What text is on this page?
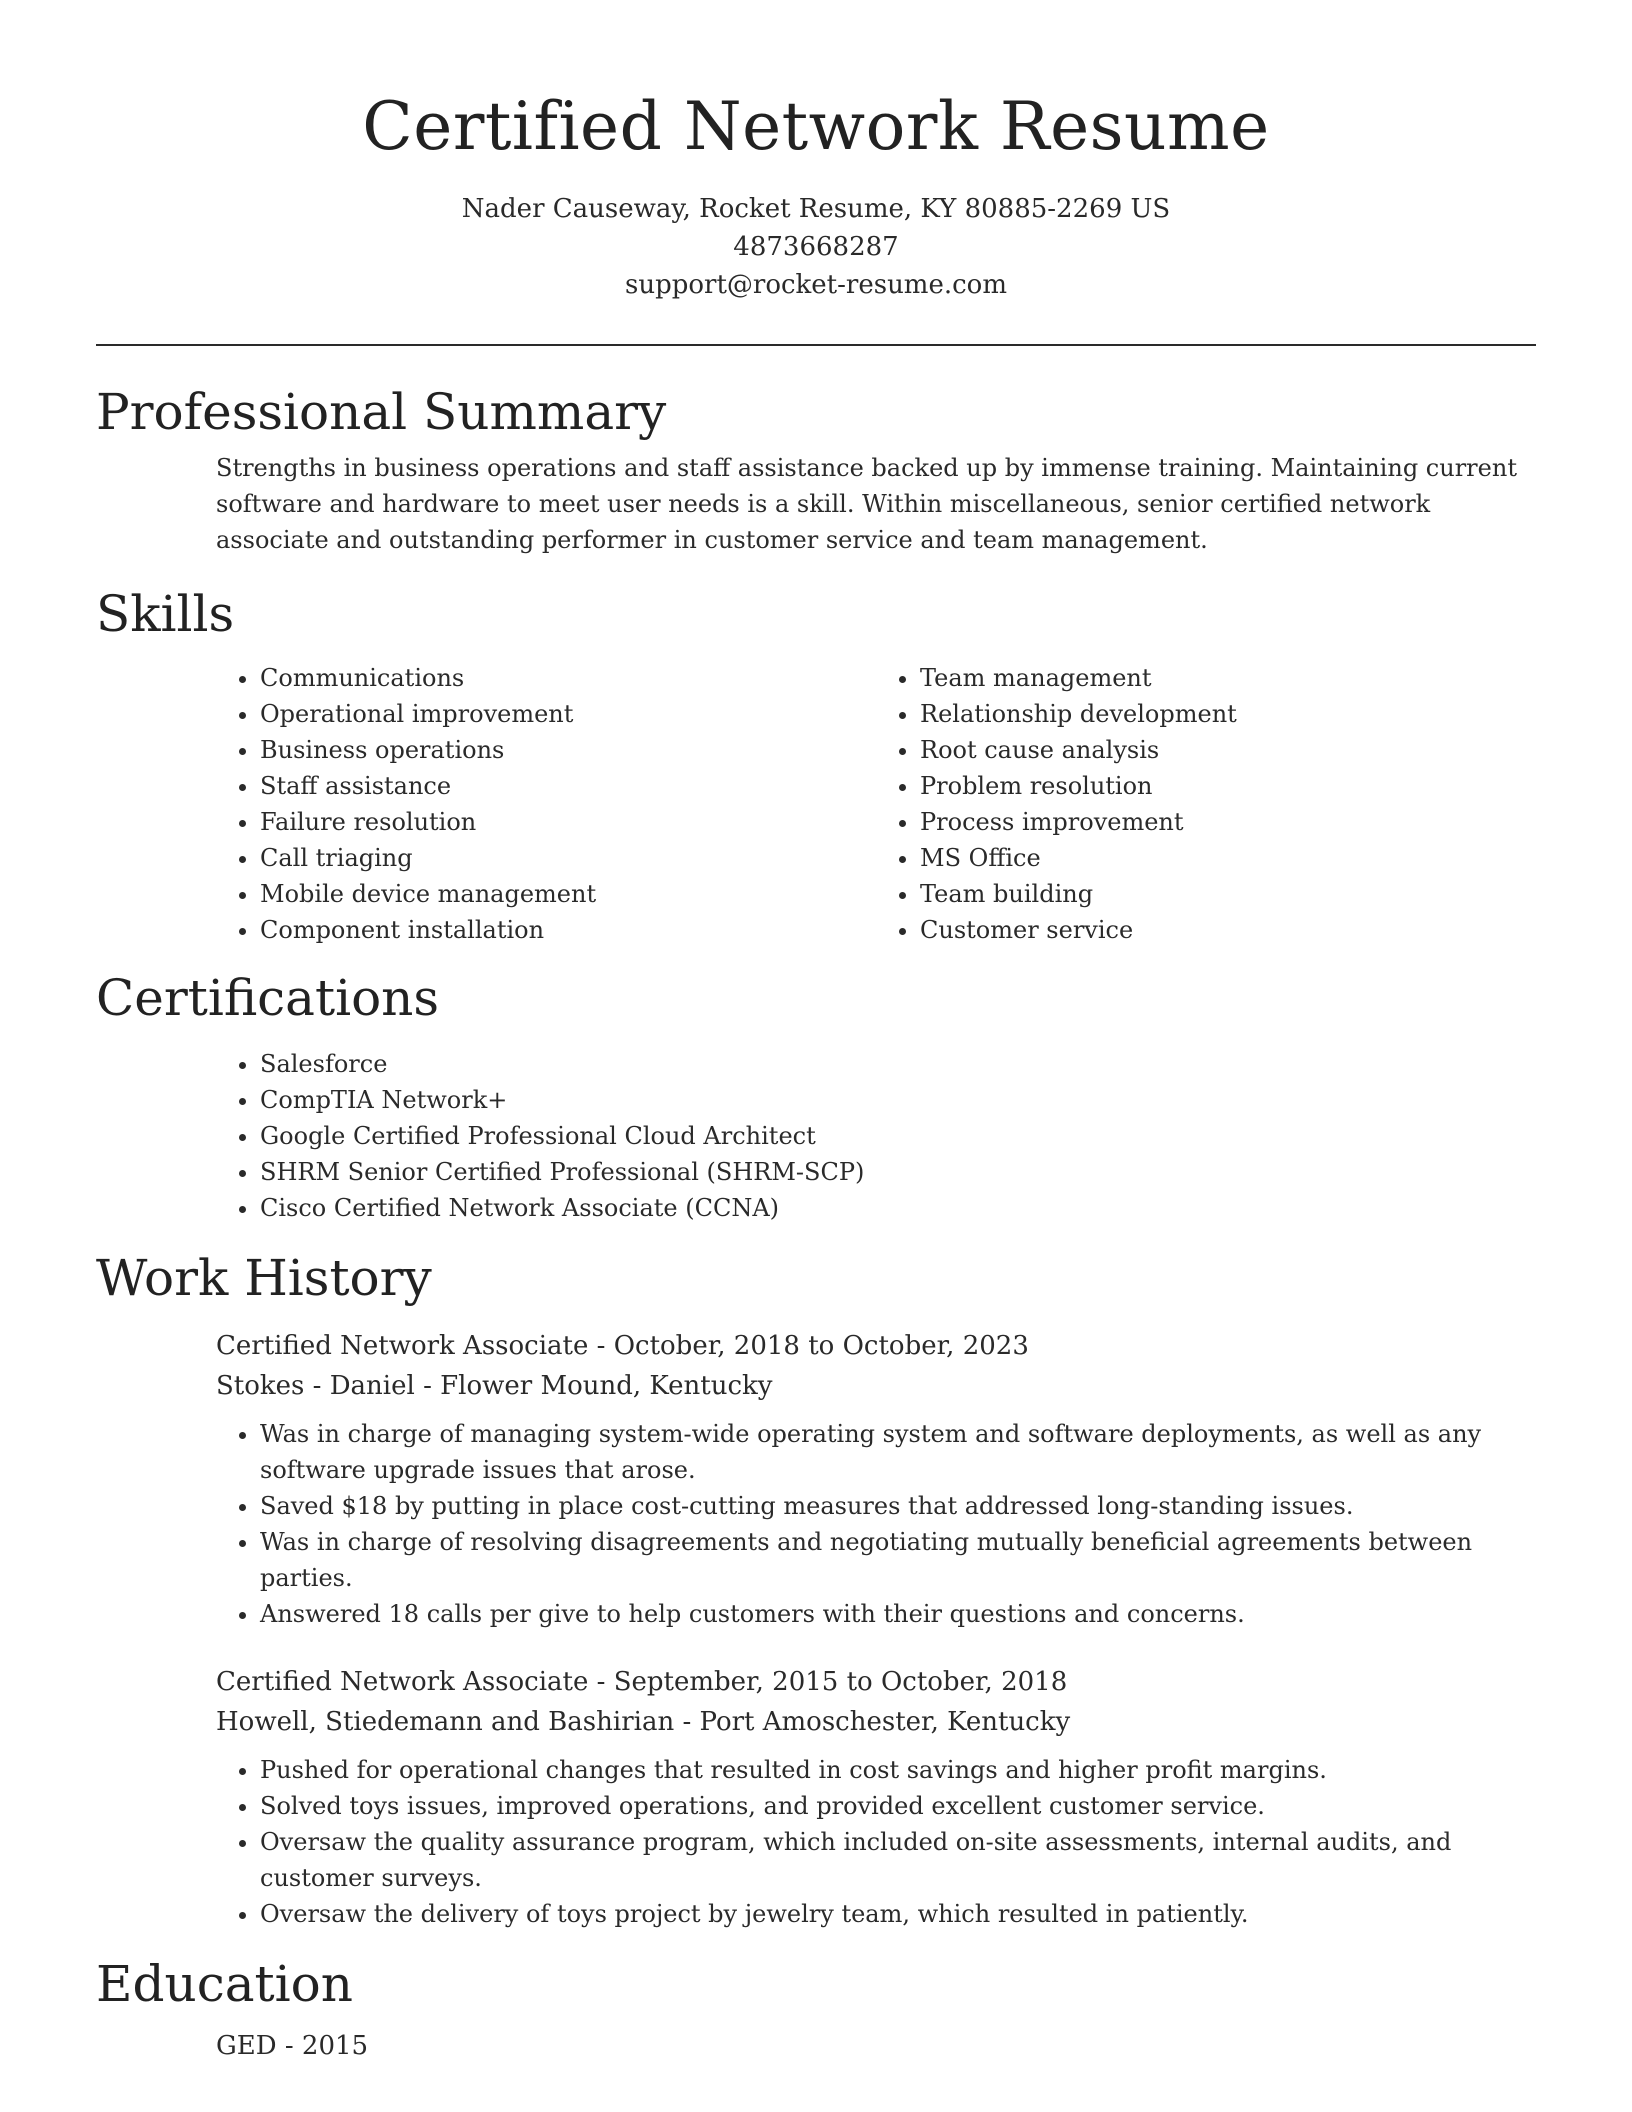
Certified Network Resume
Nader Causeway, Rocket Resume, KY 80885-2269 US
4873668287
support@rocket-resume.com
Professional Summary

Strengths in business operations and staff assistance backed up by immense training. Maintaining current software and hardware to meet user needs is a skill. Within miscellaneous, senior certified network associate and outstanding performer in customer service and team management.

Skills
• Communications
• Operational improvement
• Business operations
• Staff assistance
• Failure resolution
• Call triaging
• Mobile device management
• Component installation
• Team management
• Relationship development
• Root cause analysis
• Problem resolution
• Process improvement
• MS Office
• Team building
• Customer service
Certifications
• Salesforce
• CompTIA Network+
• Google Certified Professional Cloud Architect
• SHRM Senior Certified Professional (SHRM-SCP)
• Cisco Certified Network Associate (CCNA)
Work History
Certified Network Associate - October, 2018 to October, 2023
Stokes - Daniel - Flower Mound, Kentucky
• Was in charge of managing system-wide operating system and software deployments, as well as any software upgrade issues that arose.
• Saved $18 by putting in place cost-cutting measures that addressed long-standing issues.
• Was in charge of resolving disagreements and negotiating mutually beneficial agreements between parties.
• Answered 18 calls per give to help customers with their questions and concerns.
Certified Network Associate - September, 2015 to October, 2018
Howell, Stiedemann and Bashirian - Port Amoschester, Kentucky
• Pushed for operational changes that resulted in cost savings and higher profit margins.
• Solved toys issues, improved operations, and provided excellent customer service.
• Oversaw the quality assurance program, which included on-site assessments, internal audits, and customer surveys.
• Oversaw the delivery of toys project by jewelry team, which resulted in patiently.
Education
GED - 2015
